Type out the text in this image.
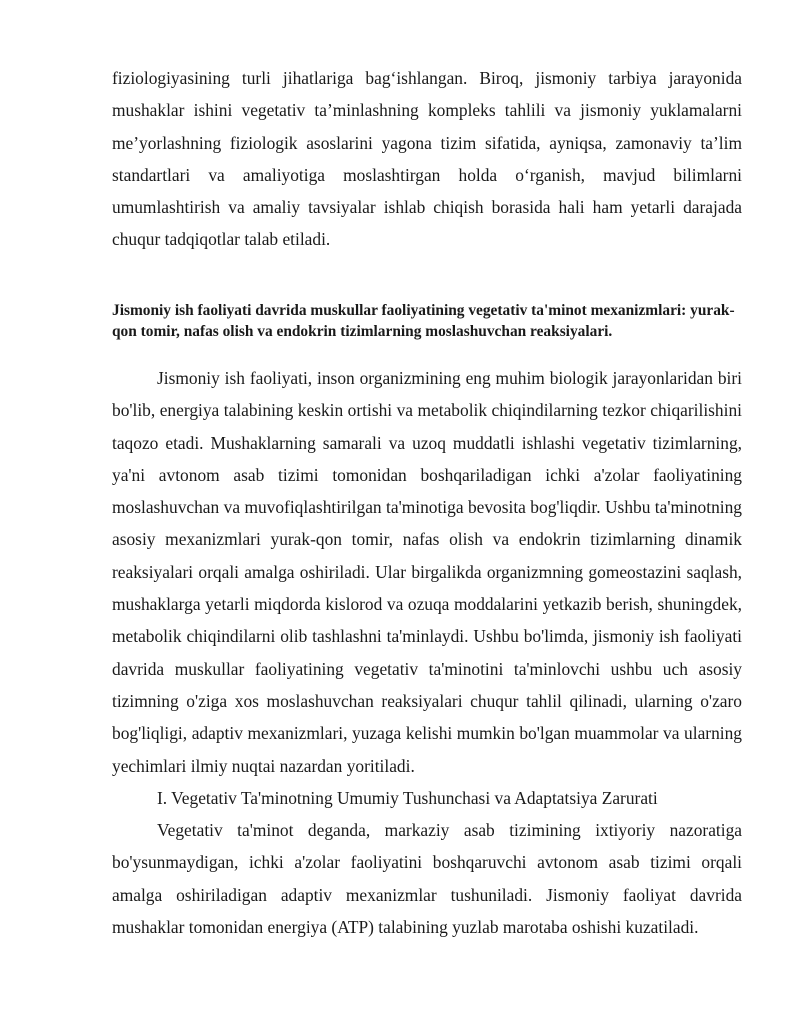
fiziologiyasining turli jihatlariga bag‘ishlangan. Biroq, jismoniy tarbiya jarayonida mushaklar ishini vegetativ ta’minlashning kompleks tahlili va jismoniy yuklamalarni me’yorlashning fiziologik asoslarini yagona tizim sifatida, ayniqsa, zamonaviy ta’lim standartlari va amaliyotiga moslashtirgan holda o‘rganish, mavjud bilimlarni umumlashtirish va amaliy tavsiyalar ishlab chiqish borasida hali ham yetarli darajada chuqur tadqiqotlar talab etiladi.

Jismoniy ish faoliyati davrida muskullar faoliyatining vegetativ ta'minot mexanizmlari: yurak-qon tomir, nafas olish va endokrin tizimlarning moslashuvchan reaksiyalari.

Jismoniy ish faoliyati, inson organizmining eng muhim biologik jarayonlaridan biri bo'lib, energiya talabining keskin ortishi va metabolik chiqindilarning tezkor chiqarilishini taqozo etadi. Mushaklarning samarali va uzoq muddatli ishlashi vegetativ tizimlarning, ya'ni avtonom asab tizimi tomonidan boshqariladigan ichki a'zolar faoliyatining moslashuvchan va muvofiqlashtirilgan ta'minotiga bevosita bog'liqdir. Ushbu ta'minotning asosiy mexanizmlari yurak-qon tomir, nafas olish va endokrin tizimlarning dinamik reaksiyalari orqali amalga oshiriladi. Ular birgalikda organizmning gomeostazini saqlash, mushaklarga yetarli miqdorda kislorod va ozuqa moddalarini yetkazib berish, shuningdek, metabolik chiqindilarni olib tashlashni ta'minlaydi. Ushbu bo'limda, jismoniy ish faoliyati davrida muskullar faoliyatining vegetativ ta'minotini ta'minlovchi ushbu uch asosiy tizimning o'ziga xos moslashuvchan reaksiyalari chuqur tahlil qilinadi, ularning o'zaro bog'liqligi, adaptiv mexanizmlari, yuzaga kelishi mumkin bo'lgan muammolar va ularning yechimlari ilmiy nuqtai nazardan yoritiladi.

I. Vegetativ Ta'minotning Umumiy Tushunchasi va Adaptatsiya Zarurati

Vegetativ ta'minot deganda, markaziy asab tizimining ixtiyoriy nazoratiga bo'ysunmaydigan, ichki a'zolar faoliyatini boshqaruvchi avtonom asab tizimi orqali amalga oshiriladigan adaptiv mexanizmlar tushuniladi. Jismoniy faoliyat davrida mushaklar tomonidan energiya (ATP) talabining yuzlab marotaba oshishi kuzatiladi.
